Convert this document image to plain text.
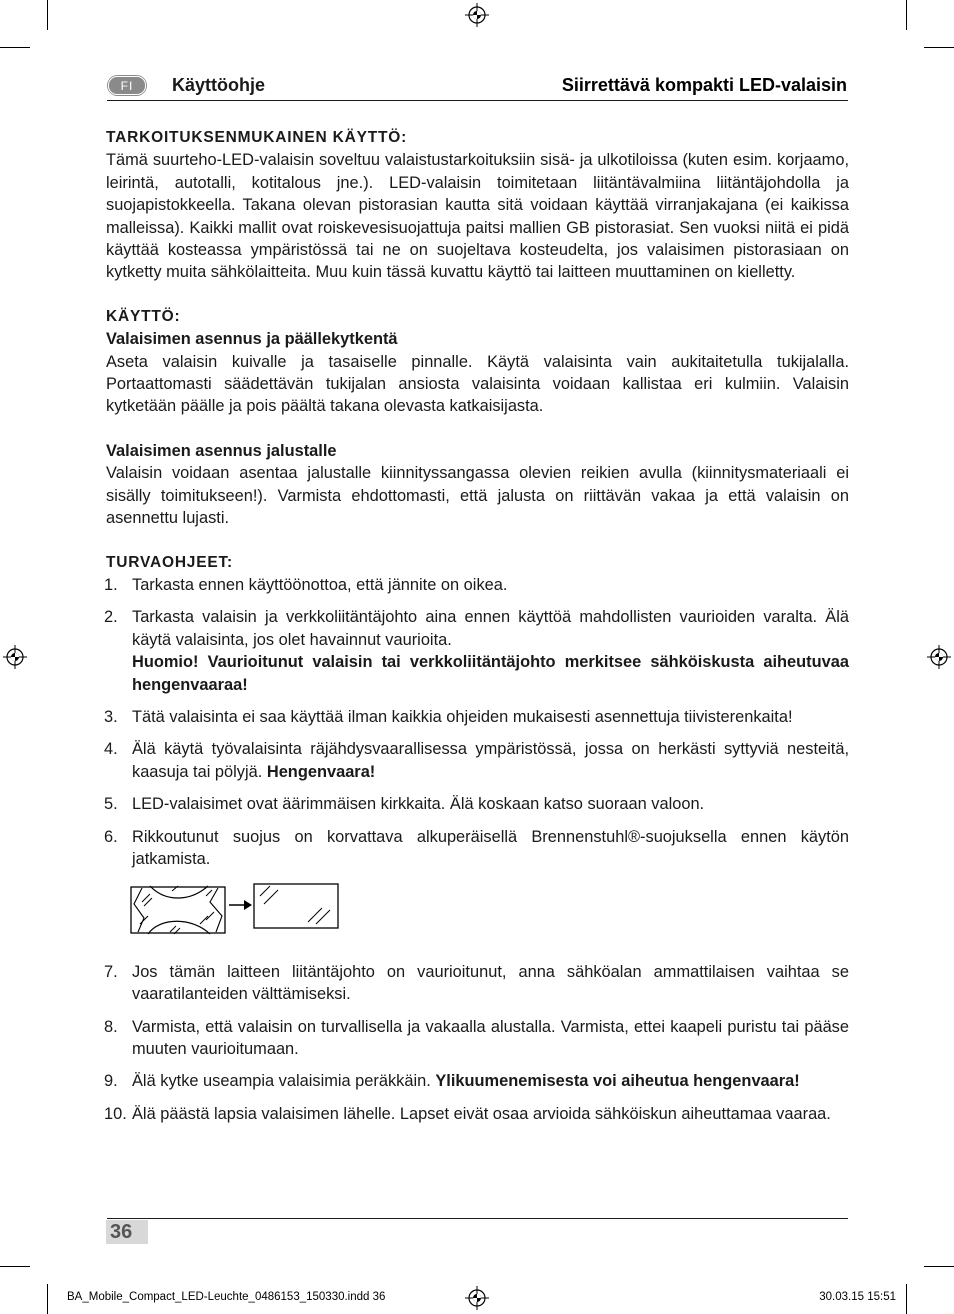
FI	Käyttöohje	Siirrettävä kompakti LED-valaisin
TARKOITUKSENMUKAINEN KÄYTTÖ:

Tämä suurteho-LED-valaisin soveltuu valaistustarkoituksiin sisä- ja ulkotiloissa (kuten esim. korjaamo, leirintä, autotalli, kotitalous jne.). LED-valaisin toimitetaan liitäntävalmiina liitäntäjohdolla ja suojapistokkeella. Takana olevan pistorasian kautta sitä voidaan käyttää virranjakajana (ei kaikissa malleissa). Kaikki mallit ovat roiskevesisuojattuja paitsi mallien GB pistorasiat. Sen vuoksi niitä ei pidä käyttää kosteassa ympäristössä tai ne on suojeltava kosteudelta, jos valaisimen pistorasiaan on kytketty muita sähkölaitteita. Muu kuin tässä kuvattu käyttö tai laitteen muuttaminen on kielletty.

KÄYTTÖ:
Valaisimen asennus ja päällekytkentä

Aseta valaisin kuivalle ja tasaiselle pinnalle. Käytä valaisinta vain aukitaitetulla tukijalalla. Portaattomasti säädettävän tukijalan ansiosta valaisinta voidaan kallistaa eri kulmiin. Valaisin kytketään päälle ja pois päältä takana olevasta katkaisijasta.

Valaisimen asennus jalustalle

Valaisin voidaan asentaa jalustalle kiinnityssangassa olevien reikien avulla (kiinnitysmateriaali ei sisälly toimitukseen!). Varmista ehdottomasti, että jalusta on riittävän vakaa ja että valaisin on asennettu lujasti.

TURVAOHJEET:
1. Tarkasta ennen käyttöönottoa, että jännite on oikea.
2. Tarkasta valaisin ja verkkoliitäntäjohto aina ennen käyttöä mahdollisten vaurioiden varalta. Älä käytä valaisinta, jos olet havainnut vaurioita.
Huomio! Vaurioitunut valaisin tai verkkoliitäntäjohto merkitsee sähköiskusta aiheutuvaa hengenvaaraa!
3. Tätä valaisinta ei saa käyttää ilman kaikkia ohjeiden mukaisesti asennettuja tiivisterenkaita!
4. Älä käytä työvalaisinta räjähdysvaarallisessa ympäristössä, jossa on herkästi syttyviä nesteitä, kaasuja tai pölyjä. Hengenvaara!
5. LED-valaisimet ovat äärimmäisen kirkkaita. Älä koskaan katso suoraan valoon.
6. Rikkoutunut suojus on korvattava alkuperäisellä Brennenstuhl®-suojuksella ennen käytön jatkamista.
7. Jos tämän laitteen liitäntäjohto on vaurioitunut, anna sähköalan ammattilaisen vaihtaa se vaaratilanteiden välttämiseksi.
8. Varmista, että valaisin on turvallisella ja vakaalla alustalla. Varmista, ettei kaapeli puristu tai pääse muuten vaurioitumaan.
9. Älä kytke useampia valaisimia peräkkäin. Ylikuumenemisesta voi aiheutua hengenvaara!
10. Älä päästä lapsia valaisimen lähelle. Lapset eivät osaa arvioida sähköiskun aiheuttamaa vaaraa.
36
BA_Mobile_Compact_LED-Leuchte_0486153_150330.indd 36	30.03.15 15:51
